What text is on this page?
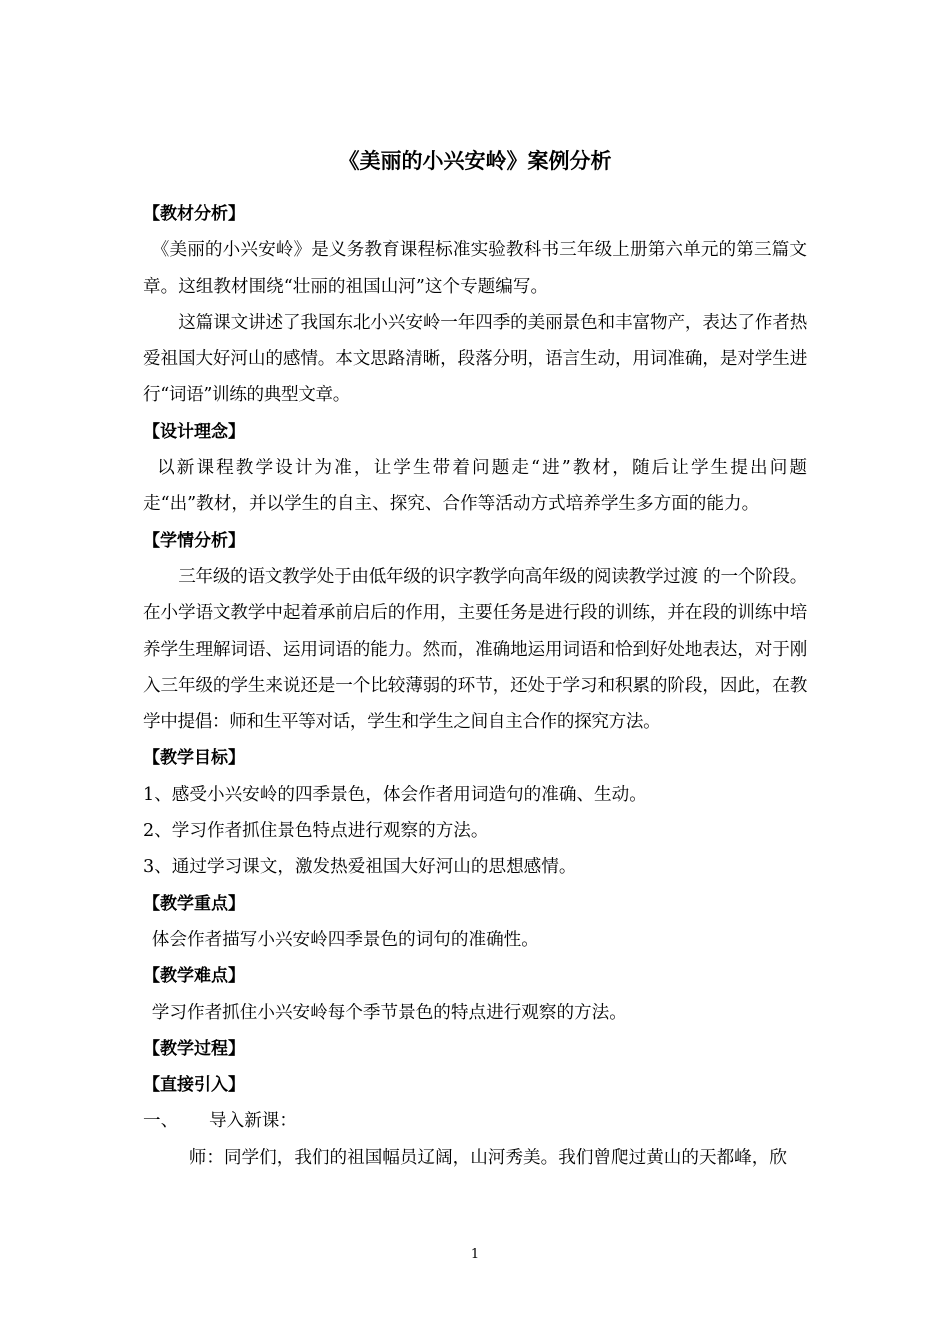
《美丽的小兴安岭》案例分析

【教材分析】

《美丽的小兴安岭》是义务教育课程标准实验教科书三年级上册第六单元的第三篇文章。这组教材围绕“壮丽的祖国山河”这个专题编写。

这篇课文讲述了我国东北小兴安岭一年四季的美丽景色和丰富物产，表达了作者热爱祖国大好河山的感情。本文思路清晰，段落分明，语言生动，用词准确，是对学生进行“词语”训练的典型文章。

【设计理念】

以新课程教学设计为准，让学生带着问题走“进”教材，随后让学生提出问题走“出”教材，并以学生的自主、探究、合作等活动方式培养学生多方面的能力。

【学情分析】

三年级的语文教学处于由低年级的识字教学向高年级的阅读教学过渡 的一个阶段。在小学语文教学中起着承前启后的作用，主要任务是进行段的训练，并在段的训练中培养学生理解词语、运用词语的能力。然而，准确地运用词语和恰到好处地表达，对于刚入三年级的学生来说还是一个比较薄弱的环节，还处于学习和积累的阶段，因此，在教学中提倡：师和生平等对话，学生和学生之间自主合作的探究方法。

【教学目标】

1、感受小兴安岭的四季景色，体会作者用词造句的准确、生动。

2、学习作者抓住景色特点进行观察的方法。

3、通过学习课文，激发热爱祖国大好河山的思想感情。

【教学重点】

体会作者描写小兴安岭四季景色的词句的准确性。

【教学难点】

学习作者抓住小兴安岭每个季节景色的特点进行观察的方法。

【教学过程】

【直接引入】

一、 导入新课：

师：同学们，我们的祖国幅员辽阔，山河秀美。我们曾爬过黄山的天都峰，欣

1
